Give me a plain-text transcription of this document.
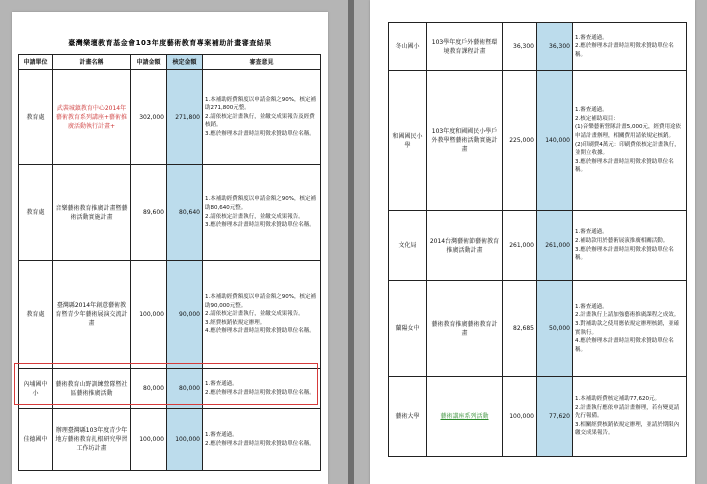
臺灣樂壇教育基金會103年度藝術教育專案補助計畫審查結果
申請單位	計畫名稱	申請金額	核定金額	審查意見
教育處	武裝城鎮教育中心2014年藝術教育系列講座+藝術推廣活動執行計畫+	302,000	271,800	1.本補助經費額度以申請金額之90%，核定補助271,800元整。
2.請依核定計畫執行，並繳交成果報告及經費核銷。
3.應於辦理本計畫時註明徵求贊助單位名稱。
教育處	音樂藝術教育推廣計畫暨藝術活動實施計畫	89,600	80,640	1.本補助經費額度以申請金額之90%，核定補助80,640元整。
2.請依核定計畫執行，並繳交成果報告。
3.應於辦理本計畫時註明徵求贊助單位名稱。
教育處	臺灣縣2014年創意藝術教育暨青少年藝術展演交流計畫	100,000	90,000	1.本補助經費額度以申請金額之90%，核定補助90,000元整。
2.請依核定計畫執行，並繳交成果報告。
3.經費核銷依規定辦理。
4.應於辦理本計畫時註明徵求贊助單位名稱。
內埔國中小	藝術教育山野訓練營隊暨社區藝術推廣活動	80,000	80,000	1.審查通過。
2.應於辦理本計畫時註明徵求贊助單位名稱。
佳德國中	辦理臺灣縣103年度青少年地方藝術教育扎根研究學習工作坊計畫	100,000	100,000	1.審查通過。
2.應於辦理本計畫時註明徵求贊助單位名稱。
冬山國小	103學年度戶外藝術暨環境教育課程計畫	36,300	36,300	1.審查通過。
2.應於辦理本計畫時註明徵求贊助單位名稱。
和國國民小學	103年度和國國民小學戶外教學暨藝術活動實施計畫	225,000	140,000	1.審查通過。
2.核定補助項目：
(1)音樂藝術營隊計畫5,000元，經費用途依申請計畫辦理，相關費用請依規定核銷。
(2)印刷費4萬元：印刷費依核定計畫執行，並開立收據。
3.應於辦理本計畫時註明徵求贊助單位名稱。
文化局	2014台灣藝術節藝術教育推廣活動計畫	261,000	261,000	1.審查通過。
2.補助款用於藝術展演推廣相關活動。
3.應於辦理本計畫時註明徵求贊助單位名稱。
蘭陽女中	藝術教育推廣藝術教育計畫	82,685	50,000	1.審查通過。
2.計畫執行上請加強藝術推廣課程之成效。
3.對補助款之使用應依規定辦理核銷，並確實執行。
4.應於辦理本計畫時註明徵求贊助單位名稱。
藝術大學	藝術講座系列活動	100,000	77,620	1.本補助經費核定補助77,620元。
2.計畫執行應依申請計畫辦理，若有變更請先行報備。
3.相關經費核銷依規定辦理，並請於期限內繳交成果報告。
